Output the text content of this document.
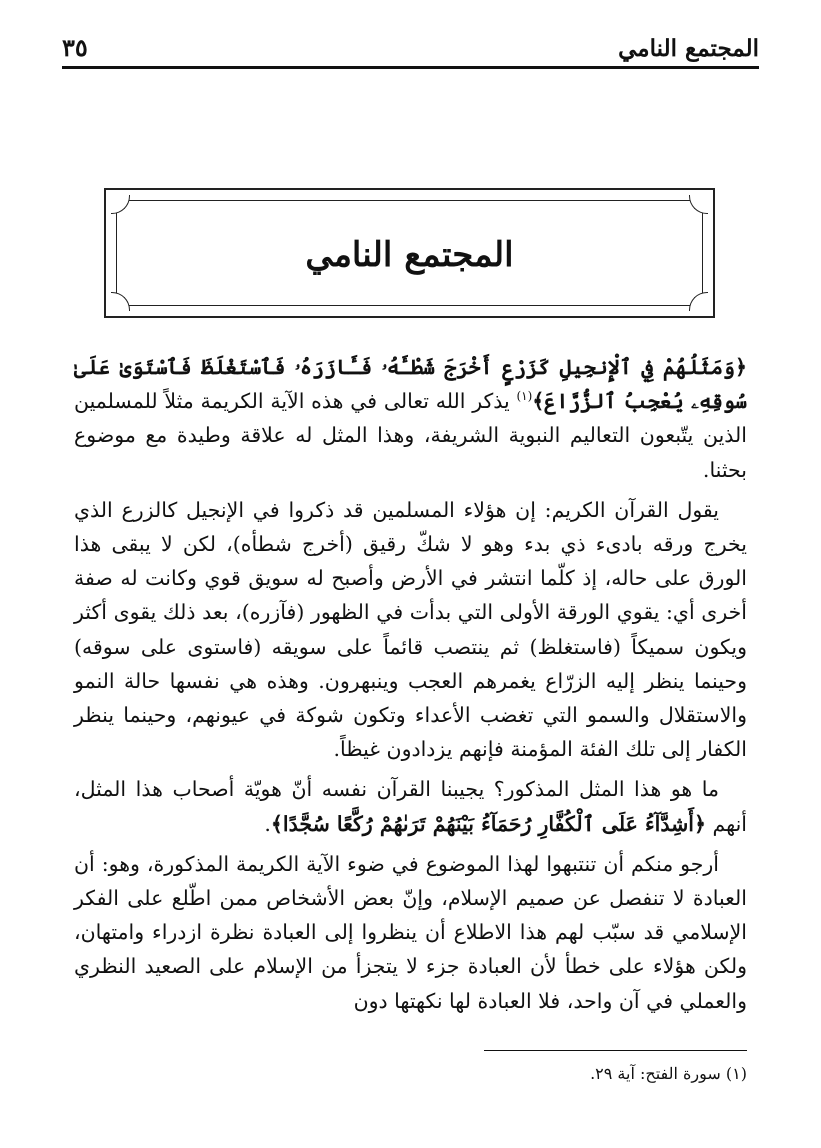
المجتمع النامي
٣٥
المجتمع النامي

﴿وَمَثَلُهُمْ فِي ٱلْإِنجِيلِ كَزَرْعٍ أَخْرَجَ شَطْـَٔهُۥ فَـَٔازَرَهُۥ فَٱسْتَغْلَظَ فَٱسْتَوَىٰ عَلَىٰ سُوقِهِۦ يُعْجِبُ ٱلزُّرَّاعَ﴾$^{(١)}$ يذكر الله تعالى في هذه الآية الكريمة مثلاً للمسلمين الذين يتّبعون التعاليم النبوية الشريفة، وهذا المثل له علاقة وطيدة مع موضوع بحثنا.

يقول القرآن الكريم: إن هؤلاء المسلمين قد ذكروا في الإنجيل كالزرع الذي يخرج ورقه بادىء ذي بدء وهو لا شكّ رقيق (أخرج شطأه)، لكن لا يبقى هذا الورق على حاله، إذ كلّما انتشر في الأرض وأصبح له سويق قوي وكانت له صفة أخرى أي: يقوي الورقة الأولى التي بدأت في الظهور (فآزره)، بعد ذلك يقوى أكثر ويكون سميكاً (فاستغلظ) ثم ينتصب قائماً على سويقه (فاستوى على سوقه) وحينما ينظر إليه الزرّاع يغمرهم العجب وينبهرون. وهذه هي نفسها حالة النمو والاستقلال والسمو التي تغضب الأعداء وتكون شوكة في عيونهم، وحينما ينظر الكفار إلى تلك الفئة المؤمنة فإنهم يزدادون غيظاً.

ما هو هذا المثل المذكور؟ يجيبنا القرآن نفسه أنّ هويّة أصحاب هذا المثل، أنهم ﴿أَشِدَّآءُ عَلَى ٱلْكُفَّارِ رُحَمَآءُ بَيْنَهُمْ تَرَىٰهُمْ رُكَّعًا سُجَّدًا﴾.

أرجو منكم أن تنتبهوا لهذا الموضوع في ضوء الآية الكريمة المذكورة، وهو: أن العبادة لا تنفصل عن صميم الإسلام، وإنّ بعض الأشخاص ممن اطّلع على الفكر الإسلامي قد سبّب لهم هذا الاطلاع أن ينظروا إلى العبادة نظرة ازدراء وامتهان، ولكن هؤلاء على خطأ لأن العبادة جزء لا يتجزأ من الإسلام على الصعيد النظري والعملي في آن واحد، فلا العبادة لها نكهتها دون

(١) سورة الفتح: آية ٢٩.
